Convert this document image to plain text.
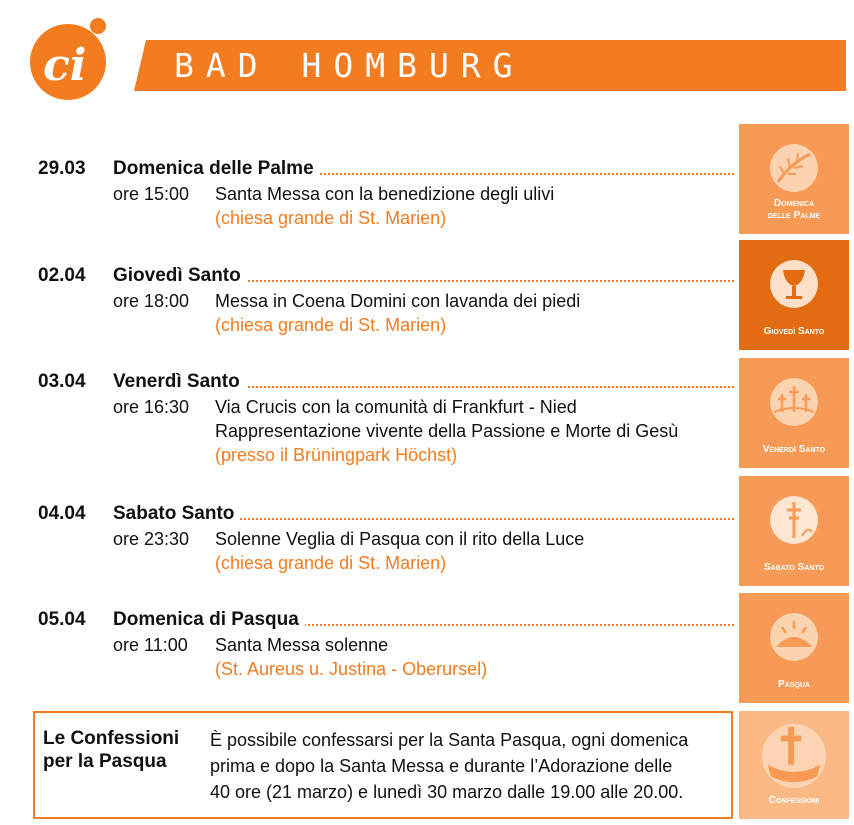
ci	BAD HOMBURG
29.03 Domenica delle Palme
ore 15:00 Santa Messa con la benedizione degli ulivi
(chiesa grande di St. Marien)
02.04 Giovedì Santo
ore 18:00 Messa in Coena Domini con lavanda dei piedi
(chiesa grande di St. Marien)
03.04 Venerdì Santo
ore 16:30 Via Crucis con la comunità di Frankfurt - Nied
Rappresentazione vivente della Passione e Morte di Gesù
(presso il Brüningpark Höchst)
04.04 Sabato Santo
ore 23:30 Solenne Veglia di Pasqua con il rito della Luce
(chiesa grande di St. Marien)
05.04 Domenica di Pasqua
ore 11:00 Santa Messa solenne
(St. Aureus u. Justina - Oberursel)
Domenica
delle Palme
Giovedì Santo
Venerdì Santo
Sabato Santo
Pasqua
Le Confessioni
per la Pasqua
È possibile confessarsi per la Santa Pasqua, ogni domenica
prima e dopo la Santa Messa e durante l’Adorazione delle
40 ore (21 marzo) e lunedì 30 marzo dalle 19.00 alle 20.00.	Confessioni
